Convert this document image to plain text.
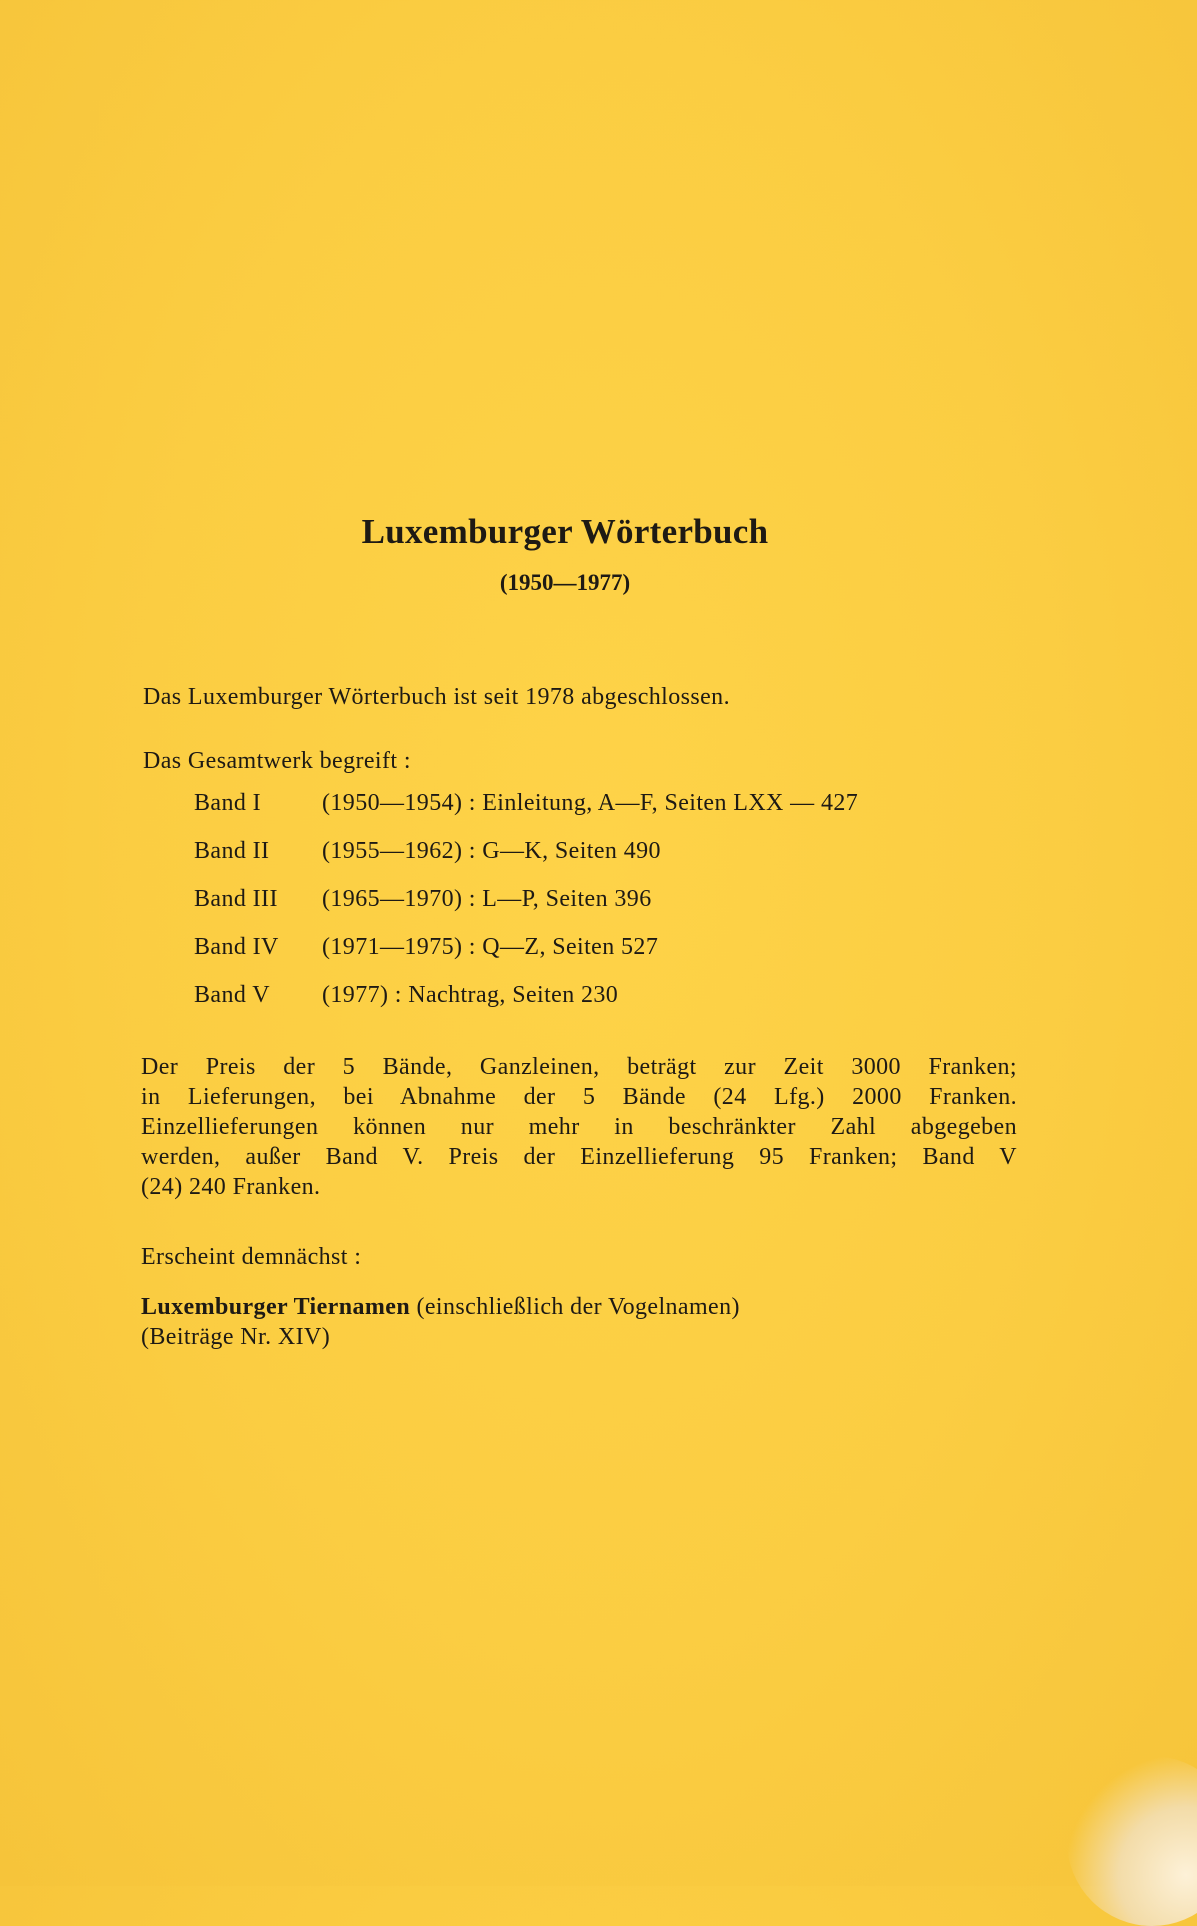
Luxemburger Wörterbuch
(1950—1977)
Das Luxemburger Wörterbuch ist seit 1978 abgeschlossen.
Das Gesamtwerk begreift :
Band I	(1950—1954) : Einleitung, A—F, Seiten LXX — 427
Band II (1955—1962) : G—K, Seiten 490
Band III (1965—1970) : L—P, Seiten 396
Band IV (1971—1975) : Q—Z, Seiten 527
Band V (1977) : Nachtrag, Seiten 230
Der Preis der 5 Bände, Ganzleinen, beträgt zur Zeit 3000 Franken;
in Lieferungen, bei Abnahme der 5 Bände (24 Lfg.) 2000 Franken.
Einzellieferungen können nur mehr in beschränkter Zahl abgegeben
werden, außer Band V. Preis der Einzellieferung 95 Franken; Band V
(24) 240 Franken.
Erscheint demnächst :
Luxemburger Tiernamen (einschließlich der Vogelnamen)
(Beiträge Nr. XIV)
